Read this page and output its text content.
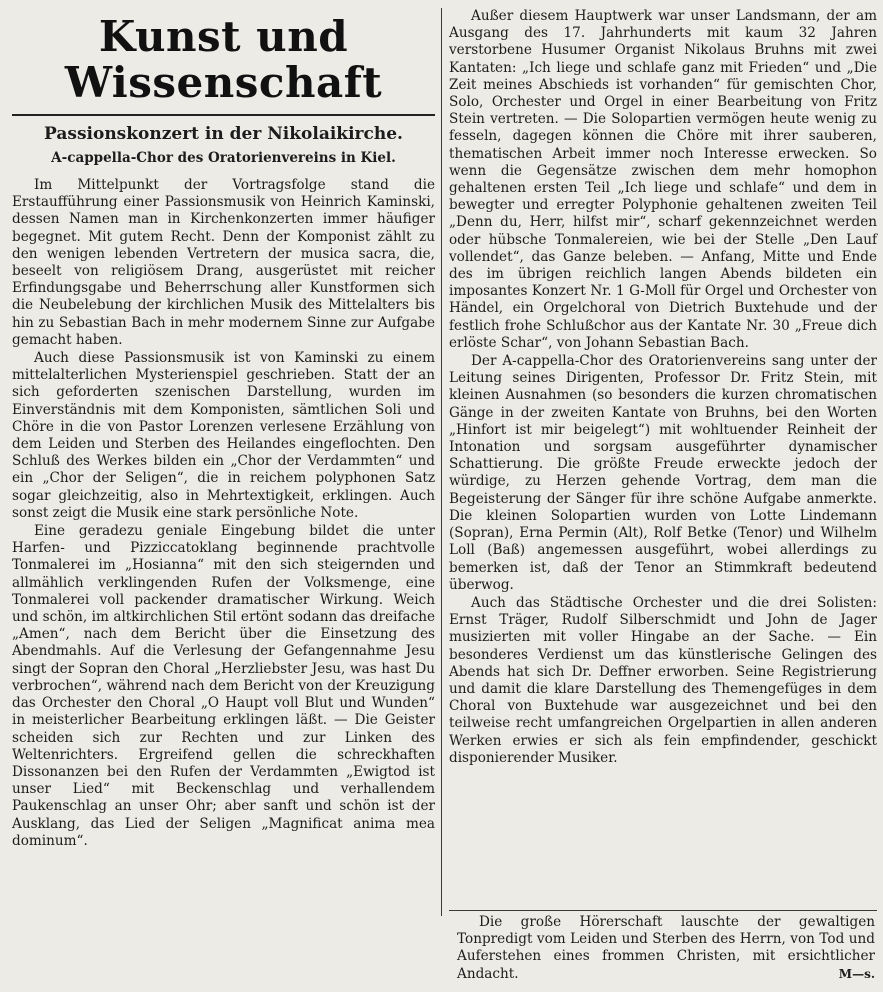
Kunst und Wissenschaft
Passionskonzert in der Nikolaikirche.
A-cappella-Chor des Oratorienvereins in Kiel.

Im Mittelpunkt der Vortragsfolge stand die Erstaufführung einer Passionsmusik von Heinrich Kaminski, dessen Namen man in Kirchenkonzerten immer häufiger begegnet. Mit gutem Recht. Denn der Komponist zählt zu den wenigen lebenden Vertretern der musica sacra, die, beseelt von religiösem Drang, ausgerüstet mit reicher Erfindungsgabe und Beherrschung aller Kunstformen sich die Neubelebung der kirchlichen Musik des Mittelalters bis hin zu Sebastian Bach in mehr modernem Sinne zur Aufgabe gemacht haben.

Auch diese Passionsmusik ist von Kaminski zu einem mittelalterlichen Mysterienspiel geschrieben. Statt der an sich geforderten szenischen Darstellung, wurden im Einverständnis mit dem Komponisten, sämtlichen Soli und Chöre in die von Pastor Lorenzen verlesene Erzählung von dem Leiden und Sterben des Heilandes eingeflochten. Den Schluß des Werkes bilden ein „Chor der Verdammten“ und ein „Chor der Seligen“, die in reichem polyphonen Satz sogar gleichzeitig, also in Mehrtextigkeit, erklingen. Auch sonst zeigt die Musik eine stark persönliche Note.

Eine geradezu geniale Eingebung bildet die unter Harfen- und Pizziccatoklang beginnende prachtvolle Tonmalerei im „Hosianna“ mit den sich steigernden und allmählich verklingenden Rufen der Volksmenge, eine Tonmalerei voll packender dramatischer Wirkung. Weich und schön, im altkirchlichen Stil ertönt sodann das dreifache „Amen“, nach dem Bericht über die Einsetzung des Abendmahls. Auf die Verlesung der Gefangennahme Jesu singt der Sopran den Choral „Herzliebster Jesu, was hast Du verbrochen“, während nach dem Bericht von der Kreuzigung das Orchester den Choral „O Haupt voll Blut und Wunden“ in meisterlicher Bearbeitung erklingen läßt. — Die Geister scheiden sich zur Rechten und zur Linken des Weltenrichters. Ergreifend gellen die schreckhaften Dissonanzen bei den Rufen der Verdammten „Ewigtod ist unser Lied“ mit Beckenschlag und verhallendem Paukenschlag an unser Ohr; aber sanft und schön ist der Ausklang, das Lied der Seligen „Magnificat anima mea dominum“.

Außer diesem Hauptwerk war unser Landsmann, der am Ausgang des 17. Jahrhunderts mit kaum 32 Jahren verstorbene Husumer Organist Nikolaus Bruhns mit zwei Kantaten: „Ich liege und schlafe ganz mit Frieden“ und „Die Zeit meines Abschieds ist vorhanden“ für gemischten Chor, Solo, Orchester und Orgel in einer Bearbeitung von Fritz Stein vertreten. — Die Solopartien vermögen heute wenig zu fesseln, dagegen können die Chöre mit ihrer sauberen, thematischen Arbeit immer noch Interesse erwecken. So wenn die Gegensätze zwischen dem mehr homophon gehaltenen ersten Teil „Ich liege und schlafe“ und dem in bewegter und erregter Polyphonie gehaltenen zweiten Teil „Denn du, Herr, hilfst mir“, scharf gekennzeichnet werden oder hübsche Tonmalereien, wie bei der Stelle „Den Lauf vollendet“, das Ganze beleben. — Anfang, Mitte und Ende des im übrigen reichlich langen Abends bildeten ein imposantes Konzert Nr. 1 G-Moll für Orgel und Orchester von Händel, ein Orgelchoral von Dietrich Buxtehude und der festlich frohe Schlußchor aus der Kantate Nr. 30 „Freue dich erlöste Schar“, von Johann Sebastian Bach.

Der A-cappella-Chor des Oratorienvereins sang unter der Leitung seines Dirigenten, Professor Dr. Fritz Stein, mit kleinen Ausnahmen (so besonders die kurzen chromatischen Gänge in der zweiten Kantate von Bruhns, bei den Worten „Hinfort ist mir beigelegt“) mit wohltuender Reinheit der Intonation und sorgsam ausgeführter dynamischer Schattierung. Die größte Freude erweckte jedoch der würdige, zu Herzen gehende Vortrag, dem man die Begeisterung der Sänger für ihre schöne Aufgabe anmerkte. Die kleinen Solopartien wurden von Lotte Lindemann (Sopran), Erna Permin (Alt), Rolf Betke (Tenor) und Wilhelm Loll (Baß) angemessen ausgeführt, wobei allerdings zu bemerken ist, daß der Tenor an Stimmkraft bedeutend überwog.

Auch das Städtische Orchester und die drei Solisten: Ernst Träger, Rudolf Silberschmidt und John de Jager musizierten mit voller Hingabe an der Sache. — Ein besonderes Verdienst um das künstlerische Gelingen des Abends hat sich Dr. Deffner erworben. Seine Registrierung und damit die klare Darstellung des Themengefüges in dem Choral von Buxtehude war ausgezeichnet und bei den teilweise recht umfangreichen Orgelpartien in allen anderen Werken erwies er sich als fein empfindender, geschickt disponierender Musiker.

Die große Hörerschaft lauschte der gewaltigen Tonpredigt vom Leiden und Sterben des Herrn, von Tod und Auferstehen eines frommen Christen, mit ersichtlicher Andacht.	M—s.
